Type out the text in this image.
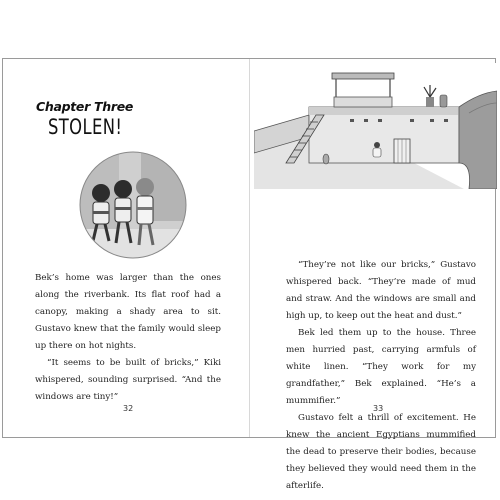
Chapter Three
STOLEN!

Bek’s home was larger than the ones along the riverbank. Its flat roof had a canopy, making a shady area to sit. Gustavo knew that the family would sleep up there on hot nights.

“It seems to be built of bricks,” Kiki whispered, sounding surprised. “And the windows are tiny!”

32

“They’re not like our bricks,” Gustavo whispered back. “They’re made of mud and straw. And the windows are small and high up, to keep out the heat and dust.”

Bek led them up to the house. Three men hurried past, carrying armfuls of white linen. “They work for my grandfather,” Bek explained. “He’s a mummifier.”

Gustavo felt a thrill of excitement. He knew the ancient Egyptians mummified the dead to preserve their bodies, because they believed they would need them in the afterlife.

33
